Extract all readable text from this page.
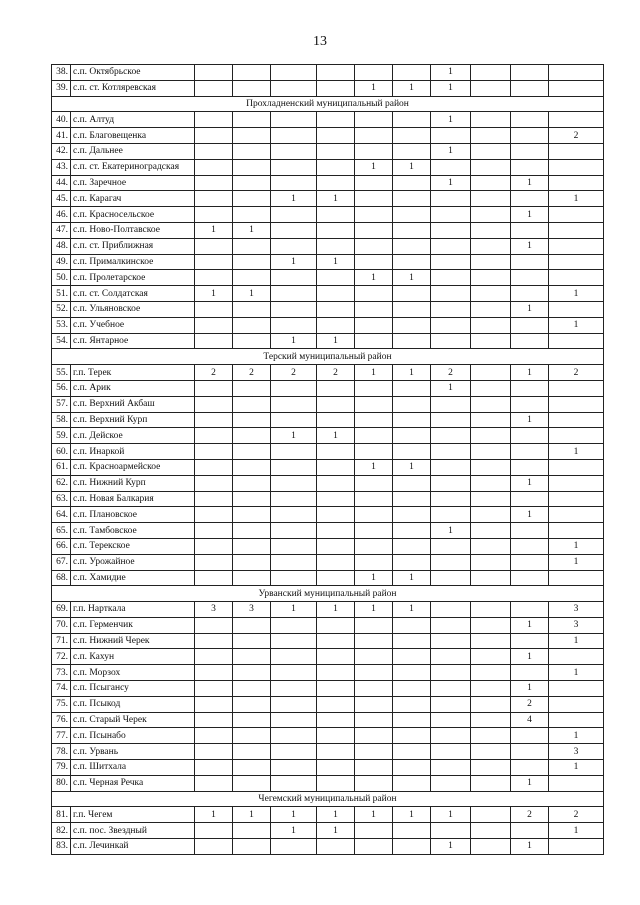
13
38.	с.п. Октябрьское							1			
39.	с.п. ст. Котляревская					1	1	1			
Прохладненский муниципальный район											
40.	с.п. Алтуд							1			
41.	с.п. Благовещенка										2
42.	с.п. Дальнее							1			
43.	с.п. ст. Екатериноградская					1	1				
44.	с.п. Заречное							1		1	
45.	с.п. Карагач			1	1						1
46.	с.п. Красносельское									1	
47.	с.п. Ново-Полтавское	1	1								
48.	с.п. ст. Приближная									1	
49.	с.п. Прималкинское			1	1						
50.	с.п. Пролетарское					1	1				
51.	с.п. ст. Солдатская	1	1								1
52.	с.п. Ульяновское									1	
53.	с.п. Учебное										1
54.	с.п. Янтарное			1	1						
Терский муниципальный район											
55.	г.п. Терек	2	2	2	2	1	1	2		1	2
56.	с.п. Арик							1			
57.	с.п. Верхний Акбаш										
58.	с.п. Верхний Курп									1	
59.	с.п. Дейское			1	1						
60.	с.п. Инаркой										1
61.	с.п. Красноармейское					1	1				
62.	с.п. Нижний Курп									1	
63.	с.п. Новая Балкария										
64.	с.п. Плановское									1	
65.	с.п. Тамбовское							1			
66.	с.п. Терекское										1
67.	с.п. Урожайное										1
68.	с.п. Хамидие					1	1				
Урванский муниципальный район											
69.	г.п. Нарткала	3	3	1	1	1	1				3
70.	с.п. Герменчик									1	3
71.	с.п. Нижний Черек										1
72.	с.п. Кахун									1	
73.	с.п. Морзох										1
74.	с.п. Псыгансу									1	
75.	с.п. Псыкод									2	
76.	с.п. Старый Черек									4	
77.	с.п. Псынабо										1
78.	с.п. Урвань										3
79.	с.п. Шитхала										1
80.	с.п. Черная Речка									1	
Чегемский муниципальный район											
81.	г.п. Чегем	1	1	1	1	1	1	1		2	2
82.	с.п. пос. Звездный			1	1						1
83.	с.п. Лечинкай							1		1	
